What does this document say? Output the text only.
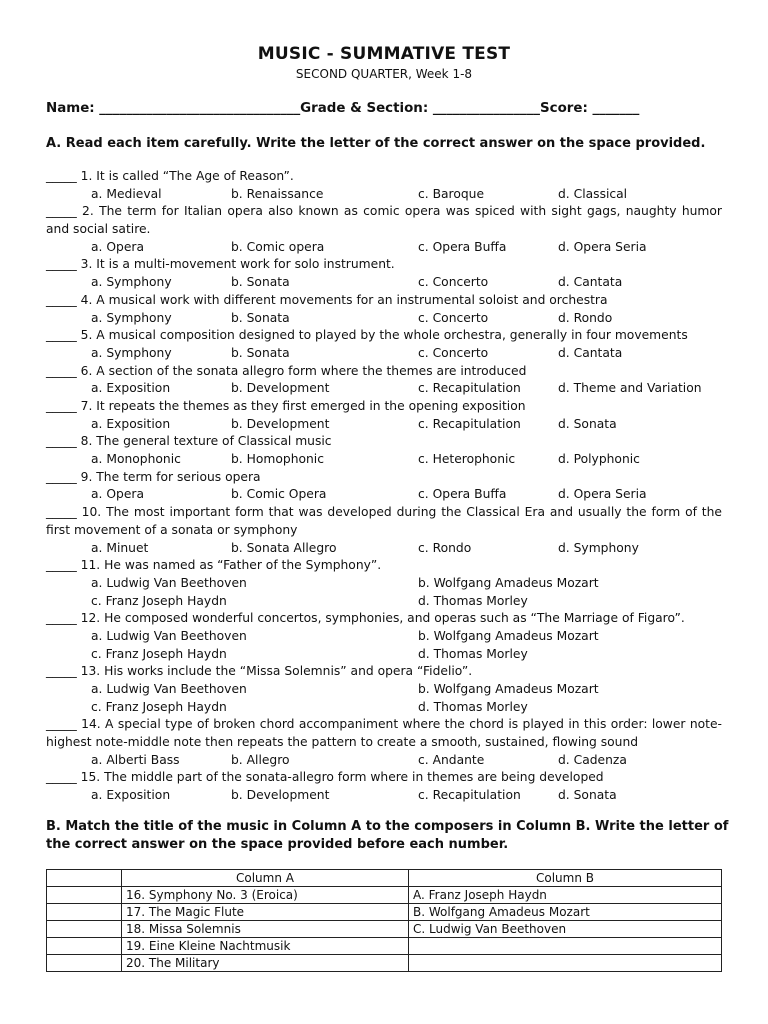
MUSIC - SUMMATIVE TEST
SECOND QUARTER, Week 1-8
Name: ______________________________Grade & Section: ________________Score: _______
A. Read each item carefully. Write the letter of the correct answer on the space provided.
_____ 1. It is called “The Age of Reason”.
a. Medieval	b. Renaissance	c. Baroque	d. Classical
_____ 2. The term for Italian opera also known as comic opera was spiced with sight gags, naughty humor and social satire.
a. Opera	b. Comic opera	c. Opera Buffa	d. Opera Seria
_____ 3. It is a multi-movement work for solo instrument.
a. Symphony	b. Sonata	c. Concerto	d. Cantata
_____ 4. A musical work with different movements for an instrumental soloist and orchestra
a. Symphony	b. Sonata	c. Concerto	d. Rondo
_____ 5. A musical composition designed to played by the whole orchestra, generally in four movements
a. Symphony	b. Sonata	c. Concerto	d. Cantata
_____ 6. A section of the sonata allegro form where the themes are introduced
a. Exposition	b. Development	c. Recapitulation	d. Theme and Variation
_____ 7. It repeats the themes as they first emerged in the opening exposition
a. Exposition	b. Development	c. Recapitulation	d. Sonata
_____ 8. The general texture of Classical music
a. Monophonic	b. Homophonic	c. Heterophonic	d. Polyphonic
_____ 9. The term for serious opera
a. Opera	b. Comic Opera	c. Opera Buffa	d. Opera Seria
_____ 10. The most important form that was developed during the Classical Era and usually the form of the first movement of a sonata or symphony
a. Minuet	b. Sonata Allegro	c. Rondo	d. Symphony
_____ 11. He was named as “Father of the Symphony”.
a. Ludwig Van Beethoven	b. Wolfgang Amadeus Mozart
c. Franz Joseph Haydn	d. Thomas Morley
_____ 12. He composed wonderful concertos, symphonies, and operas such as “The Marriage of Figaro”.
a. Ludwig Van Beethoven	b. Wolfgang Amadeus Mozart
c. Franz Joseph Haydn	d. Thomas Morley
_____ 13. His works include the “Missa Solemnis” and opera “Fidelio”.
a. Ludwig Van Beethoven	b. Wolfgang Amadeus Mozart
c. Franz Joseph Haydn	d. Thomas Morley
_____ 14. A special type of broken chord accompaniment where the chord is played in this order: lower note- highest note-middle note then repeats the pattern to create a smooth, sustained, flowing sound
a. Alberti Bass	b. Allegro	c. Andante	d. Cadenza
_____ 15. The middle part of the sonata-allegro form where in themes are being developed
a. Exposition	b. Development	c. Recapitulation	d. Sonata
B. Match the title of the music in Column A to the composers in Column B. Write the letter of the correct answer on the space provided before each number.
	Column A	Column B
	16. Symphony No. 3 (Eroica)	A. Franz Joseph Haydn
	17. The Magic Flute	B. Wolfgang Amadeus Mozart
	18. Missa Solemnis	C. Ludwig Van Beethoven
	19. Eine Kleine Nachtmusik	
	20. The Military	
